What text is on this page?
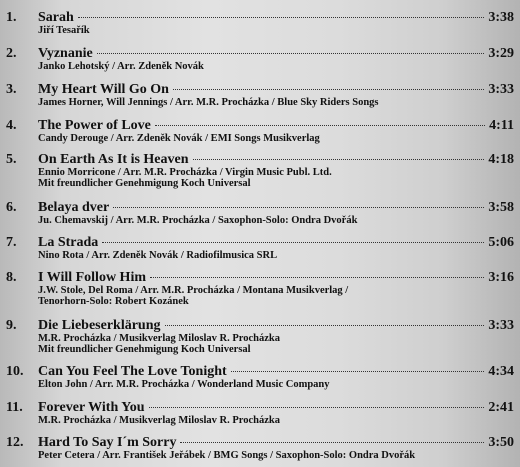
1. Sarah	3:38
Jiří Tesařík
2. Vyznanie	3:29
Janko Lehotský / Arr. Zdeněk Novák
3. My Heart Will Go On	3:33
James Horner, Will Jennings / Arr. M.R. Procházka / Blue Sky Riders Songs
4. The Power of Love	4:11
Candy Derouge / Arr. Zdeněk Novák / EMI Songs Musikverlag
5. On Earth As It is Heaven	4:18
Ennio Morricone / Arr. M.R. Procházka / Virgin Music Publ. Ltd.
Mit freundlicher Genehmigung Koch Universal
6. Belaya dver	3:58
Ju. Chemavskij / Arr. M.R. Procházka / Saxophon-Solo: Ondra Dvořák
7. La Strada	5:06
Nino Rota / Arr. Zdeněk Novák / Radiofilmusica SRL
8. I Will Follow Him	3:16
J.W. Stole, Del Roma / Arr. M.R. Procházka / Montana Musikverlag /
Tenorhorn-Solo: Robert Kozánek
9. Die Liebeserklärung	3:33
M.R. Procházka / Musikverlag Miloslav R. Procházka
Mit freundlicher Genehmigung Koch Universal
10. Can You Feel The Love Tonight	4:34
Elton John / Arr. M.R. Procházka / Wonderland Music Company
11. Forever With You	2:41
M.R. Procházka / Musikverlag Miloslav R. Procházka
12. Hard To Say I´m Sorry	3:50
Peter Cetera / Arr. František Jeřábek / BMG Songs / Saxophon-Solo: Ondra Dvořák
